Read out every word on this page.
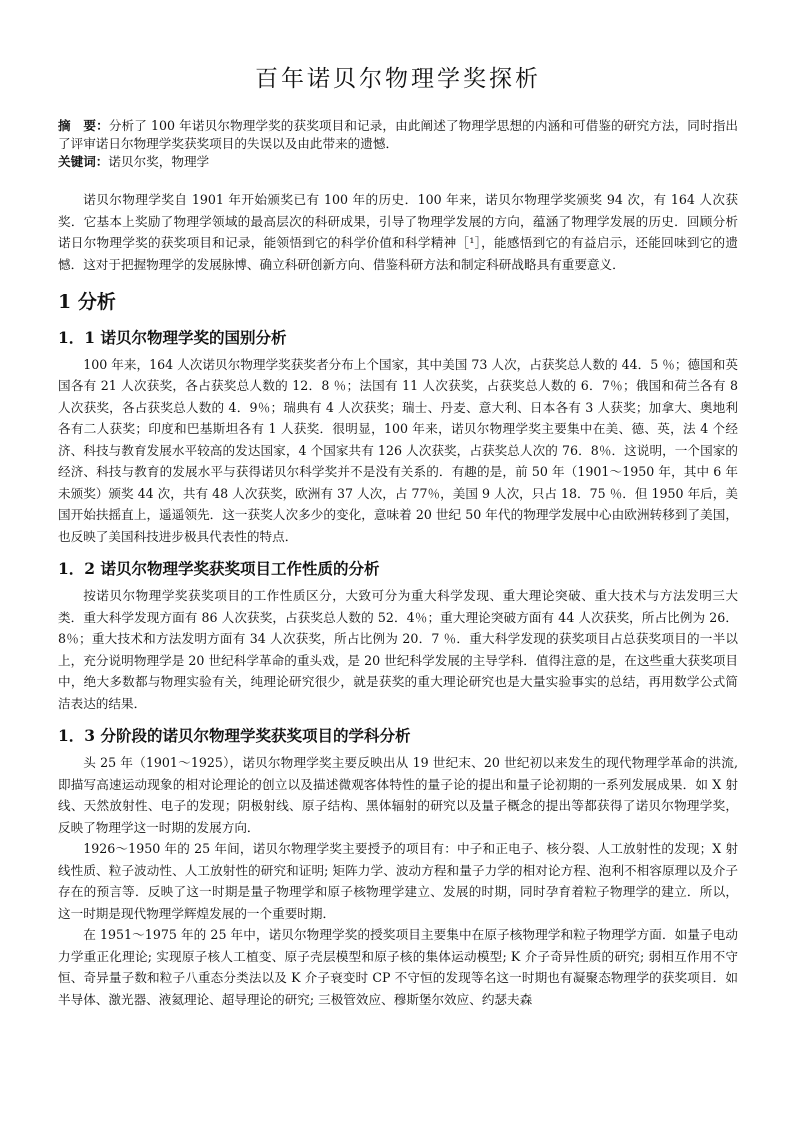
百年诺贝尔物理学奖探析
摘　要：分析了 100 年诺贝尔物理学奖的获奖项目和记录，由此阐述了物理学思想的内涵和可借鉴的研究方法，同时指出了评审诺日尔物理学奖获奖项目的失误以及由此带来的遗憾．
关键词：诺贝尔奖，物理学

诺贝尔物理学奖自 1901 年开始颁奖已有 100 年的历史．100 年来，诺贝尔物理学奖颁奖 94 次，有 164 人次获奖．它基本上奖励了物理学领域的最高层次的科研成果，引导了物理学发展的方向，蕴涵了物理学发展的历史．回顾分析诺日尔物理学奖的获奖项目和记录，能领悟到它的科学价值和科学精神［¹］，能感悟到它的有益启示，还能回味到它的遗憾．这对于把握物理学的发展脉博、确立科研创新方向、借鉴科研方法和制定科研战略具有重要意义．

1 分析
1．1 诺贝尔物理学奖的国别分析

100 年来，164 人次诺贝尔物理学奖获奖者分布上个国家，其中美国 73 人次，占获奖总人数的 44．5 ％；德国和英国各有 21 人次获奖，各占获奖总人数的 12．8 ％；法国有 11 人次获奖，占获奖总人数的 6．7％；俄国和荷兰各有 8 人次获奖，各占获奖总人数的 4．9％；瑞典有 4 人次获奖；瑞士、丹麦、意大利、日本各有 3 人获奖；加拿大、奥地利各有二人获奖；印度和巴基斯坦各有 1 人获奖．很明显，100 年来，诺贝尔物理学奖主要集中在美、德、英，法 4 个经济、科技与教育发展水平较高的发达国家，4 个国家共有 126 人次获奖，占获奖总人次的 76．8％．这说明，一个国家的经济、科技与教育的发展水平与获得诺贝尔科学奖并不是没有关系的．有趣的是，前 50 年（1901～1950 年，其中 6 年未颁奖）颁奖 44 次，共有 48 人次获奖，欧洲有 37 人次，占 77％，美国 9 人次，只占 18．75 ％．但 1950 年后，美国开始扶摇直上，遥遥领先．这一获奖人次多少的变化，意味着 20 世纪 50 年代的物理学发展中心由欧洲转移到了美国，也反映了美国科技进步极具代表性的特点．

1．2 诺贝尔物理学奖获奖项目工作性质的分析

按诺贝尔物理学奖获奖项目的工作性质区分，大致可分为重大科学发现、重大理论突破、重大技术与方法发明三大类．重大科学发现方面有 86 人次获奖，占获奖总人数的 52．4％；重大理论突破方面有 44 人次获奖，所占比例为 26．8％；重大技术和方法发明方面有 34 人次获奖，所占比例为 20．7 ％．重大科学发现的获奖项目占总获奖项目的一半以上，充分说明物理学是 20 世纪科学革命的重头戏，是 20 世纪科学发展的主导学科．值得注意的是，在这些重大获奖项目中，绝大多数都与物理实验有关，纯理论研究很少，就是获奖的重大理论研究也是大量实验事实的总结，再用数学公式简洁表达的结果．

1．3 分阶段的诺贝尔物理学奖获奖项目的学科分析

头 25 年（1901～1925），诺贝尔物理学奖主要反映出从 19 世纪末、20 世纪初以来发生的现代物理学革命的洪流,即描写高速运动现象的相对论理论的创立以及描述微观客体特性的量子论的提出和量子论初期的一系列发展成果．如 X 射线、天然放射性、电子的发现；阴极射线、原子结构、黑体辐射的研究以及量子概念的提出等都获得了诺贝尔物理学奖，反映了物理学这一时期的发展方向．

1926～1950 年的 25 年间，诺贝尔物理学奖主要授予的项目有：中子和正电子、核分裂、人工放射性的发现；X 射线性质、粒子波动性、人工放射性的研究和证明; 矩阵力学、波动方程和量子力学的相对论方程、泡利不相容原理以及介子存在的预言等．反映了这一时期是量子物理学和原子核物理学建立、发展的时期，同时孕育着粒子物理学的建立．所以，这一时期是现代物理学辉煌发展的一个重要时期．

在 1951～1975 年的 25 年中，诺贝尔物理学奖的授奖项目主要集中在原子核物理学和粒子物理学方面．如量子电动力学重正化理论; 实现原子核人工植变、原子壳层模型和原子核的集体运动模型; K 介子奇异性质的研究; 弱相互作用不守恒、奇异量子数和粒子八重态分类法以及 K 介子衰变时 CP 不守恒的发现等名这一时期也有凝聚态物理学的获奖项目．如半导体、激光器、液氦理论、超导理论的研究; 三极管效应、穆斯堡尔效应、约瑟夫森
